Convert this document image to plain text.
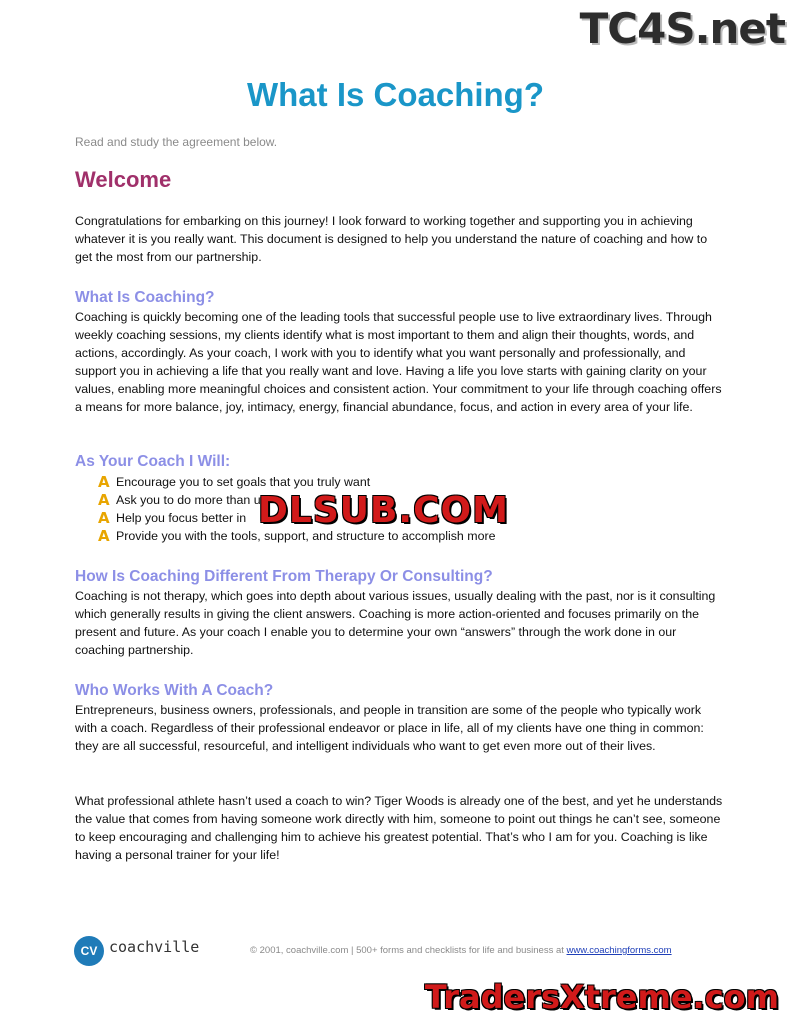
TC4S.net
What Is Coaching?
Read and study the agreement below.
Welcome
Congratulations for embarking on this journey! I look forward to working together and supporting you in achieving whatever it is you really want. This document is designed to help you understand the nature of coaching and how to get the most from our partnership.
What Is Coaching?
Coaching is quickly becoming one of the leading tools that successful people use to live extraordinary lives. Through weekly coaching sessions, my clients identify what is most important to them and align their thoughts, words, and actions, accordingly. As your coach, I work with you to identify what you want personally and professionally, and support you in achieving a life that you really want and love. Having a life you love starts with gaining clarity on your values, enabling more meaningful choices and consistent action. Your commitment to your life through coaching offers a means for more balance, joy, intimacy, energy, financial abundance, focus, and action in every area of your life.
As Your Coach I Will:
A Encourage you to set goals that you truly want
A Ask you to do more than ur
A Help you focus better in
A Provide you with the tools, support, and structure to accomplish more
DLSUB.COM
How Is Coaching Different From Therapy Or Consulting?
Coaching is not therapy, which goes into depth about various issues, usually dealing with the past, nor is it consulting which generally results in giving the client answers. Coaching is more action-oriented and focuses primarily on the present and future. As your coach I enable you to determine your own “answers” through the work done in our coaching partnership.
Who Works With A Coach?
Entrepreneurs, business owners, professionals, and people in transition are some of the people who typically work with a coach. Regardless of their professional endeavor or place in life, all of my clients have one thing in common: they are all successful, resourceful, and intelligent individuals who want to get even more out of their lives.
What professional athlete hasn’t used a coach to win? Tiger Woods is already one of the best, and yet he understands the value that comes from having someone work directly with him, someone to point out things he can’t see, someone to keep encouraging and challenging him to achieve his greatest potential. That’s who I am for you. Coaching is like having a personal trainer for your life!
CV coachville	© 2001, coachville.com | 500+ forms and checklists for life and business at www.coachingforms.com
TradersXtreme.com
